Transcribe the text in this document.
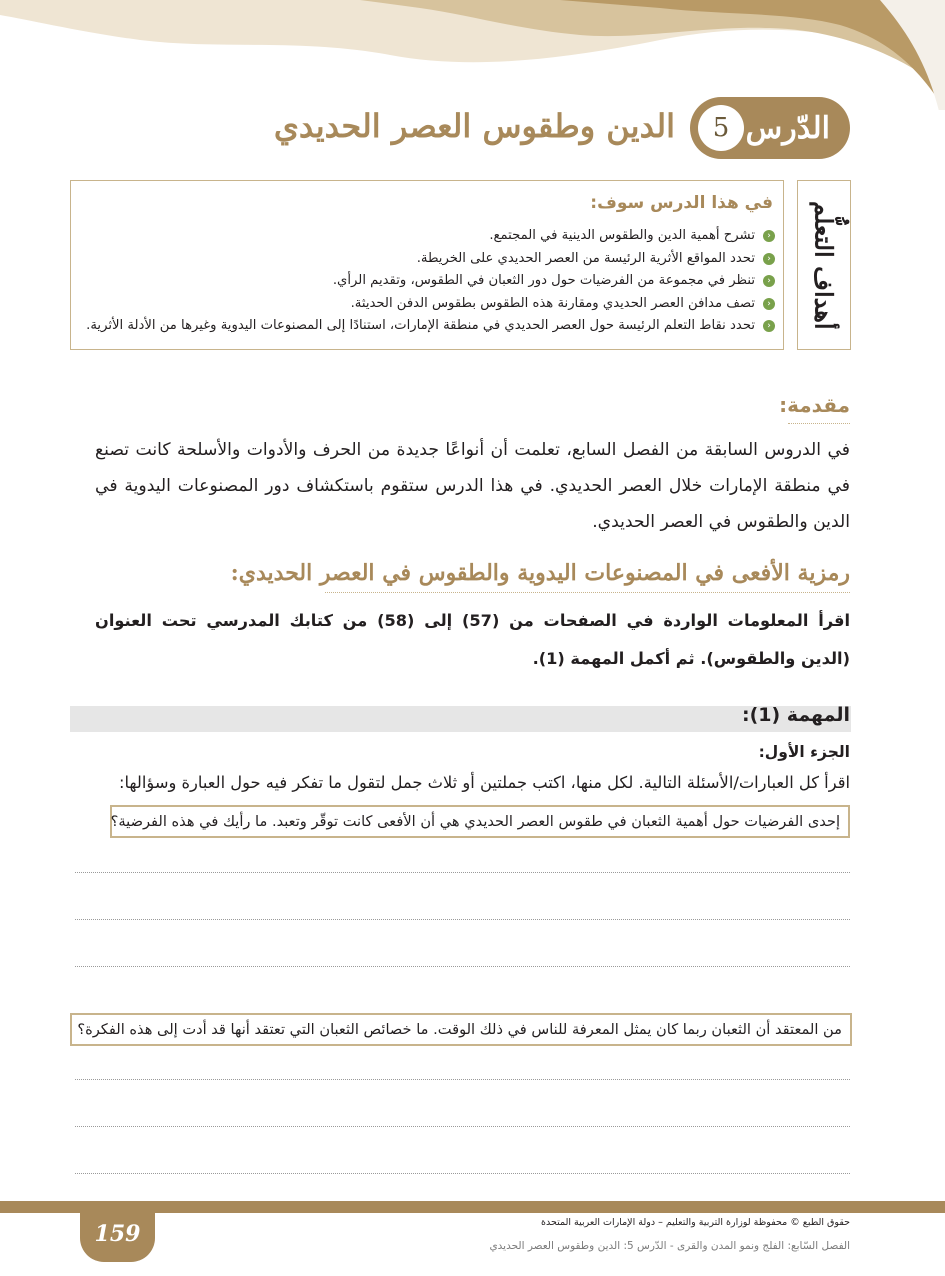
الدّرس
5
الدين وطقوس العصر الحديدي
أهداف التعلُّم
في هذا الدرس سوف:
‹
تشرح أهمية الدين والطقوس الدينية في المجتمع.
‹
تحدد المواقع الأثرية الرئيسة من العصر الحديدي على الخريطة.
‹
تنظر في مجموعة من الفرضيات حول دور الثعبان في الطقوس، وتقديم الرأي.
‹
تصف مدافن العصر الحديدي ومقارنة هذه الطقوس بطقوس الدفن الحديثة.
‹
تحدد نقاط التعلم الرئيسة حول العصر الحديدي في منطقة الإمارات، استنادًا إلى المصنوعات اليدوية وغيرها من الأدلة الأثرية.
مقدمة:
في الدروس السابقة من الفصل السابع، تعلمت أن أنواعًا جديدة من الحرف والأدوات والأسلحة كانت تصنع في منطقة الإمارات خلال العصر الحديدي. في هذا الدرس ستقوم باستكشاف دور المصنوعات اليدوية في الدين والطقوس في العصر الحديدي.
رمزية الأفعى في المصنوعات اليدوية والطقوس في العصر الحديدي:
اقرأ المعلومات الواردة في الصفحات من (57) إلى (58) من كتابك المدرسي تحت العنوان (الدين والطقوس). ثم أكمل المهمة (1).
المهمة (1):
الجزء الأول:
اقرأ كل العبارات/الأسئلة التالية. لكل منها، اكتب جملتين أو ثلاث جمل لتقول ما تفكر فيه حول العبارة وسؤالها:
إحدى الفرضيات حول أهمية الثعبان في طقوس العصر الحديدي هي أن الأفعى كانت توقّر وتعبد. ما رأيك في هذه الفرضية؟
من المعتقد أن الثعبان ربما كان يمثل المعرفة للناس في ذلك الوقت. ما خصائص الثعبان التي تعتقد أنها قد أدت إلى هذه الفكرة؟
159	حقوق الطبع © محفوظة لوزارة التربية والتعليم – دولة الإمارات العربية المتحدة
الفصل السّابع: الفلج ونمو المدن والقرى - الدّرس 5: الدين وطقوس العصر الحديدي
